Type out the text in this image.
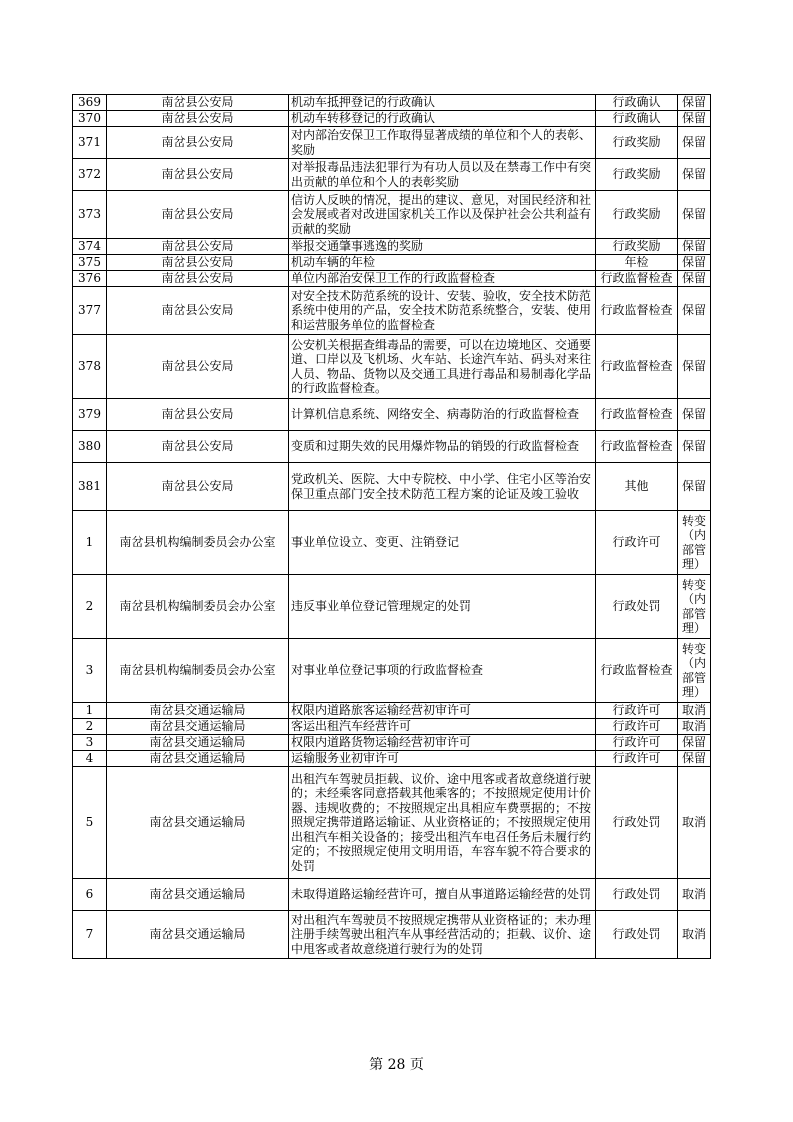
369	南岔县公安局	机动车抵押登记的行政确认	行政确认	保留
370	南岔县公安局	机动车转移登记的行政确认	行政确认	保留
371	南岔县公安局	对内部治安保卫工作取得显著成绩的单位和个人的表彰、奖励	行政奖励	保留
372	南岔县公安局	对举报毒品违法犯罪行为有功人员以及在禁毒工作中有突出贡献的单位和个人的表彰奖励	行政奖励	保留
373	南岔县公安局	信访人反映的情况，提出的建议、意见，对国民经济和社会发展或者对改进国家机关工作以及保护社会公共利益有贡献的奖励	行政奖励	保留
374	南岔县公安局	举报交通肇事逃逸的奖励	行政奖励	保留
375	南岔县公安局	机动车辆的年检	年检	保留
376	南岔县公安局	单位内部治安保卫工作的行政监督检查	行政监督检查	保留
377	南岔县公安局	对安全技术防范系统的设计、安装、验收，安全技术防范系统中使用的产品，安全技术防范系统整合，安装、使用和运营服务单位的监督检查	行政监督检查	保留
378	南岔县公安局	公安机关根据查缉毒品的需要，可以在边境地区、交通要道、口岸以及飞机场、火车站、长途汽车站、码头对来往人员、物品、货物以及交通工具进行毒品和易制毒化学品的行政监督检查。	行政监督检查	保留
379	南岔县公安局	计算机信息系统、网络安全、病毒防治的行政监督检查	行政监督检查	保留
380	南岔县公安局	变质和过期失效的民用爆炸物品的销毁的行政监督检查	行政监督检查	保留
381	南岔县公安局	党政机关、医院、大中专院校、中小学、住宅小区等治安保卫重点部门安全技术防范工程方案的论证及竣工验收	其他	保留
1	南岔县机构编制委员会办公室	事业单位设立、变更、注销登记	行政许可	转变（内部管理）
2	南岔县机构编制委员会办公室	违反事业单位登记管理规定的处罚	行政处罚	转变（内部管理）
3	南岔县机构编制委员会办公室	对事业单位登记事项的行政监督检查	行政监督检查	转变（内部管理）
1	南岔县交通运输局	权限内道路旅客运输经营初审许可	行政许可	取消
2	南岔县交通运输局	客运出租汽车经营许可	行政许可	取消
3	南岔县交通运输局	权限内道路货物运输经营初审许可	行政许可	保留
4	南岔县交通运输局	运输服务业初审许可	行政许可	保留
5	南岔县交通运输局	出租汽车驾驶员拒载、议价、途中甩客或者故意绕道行驶的；未经乘客同意搭载其他乘客的；不按照规定使用计价器、违规收费的；不按照规定出具相应车费票据的；不按照规定携带道路运输证、从业资格证的；不按照规定使用出租汽车相关设备的；接受出租汽车电召任务后未履行约定的；不按照规定使用文明用语，车容车貌不符合要求的处罚	行政处罚	取消
6	南岔县交通运输局	未取得道路运输经营许可，擅自从事道路运输经营的处罚	行政处罚	取消
7	南岔县交通运输局	对出租汽车驾驶员不按照规定携带从业资格证的；未办理注册手续驾驶出租汽车从事经营活动的；拒载、议价、途中甩客或者故意绕道行驶行为的处罚	行政处罚	取消
第 28 页
